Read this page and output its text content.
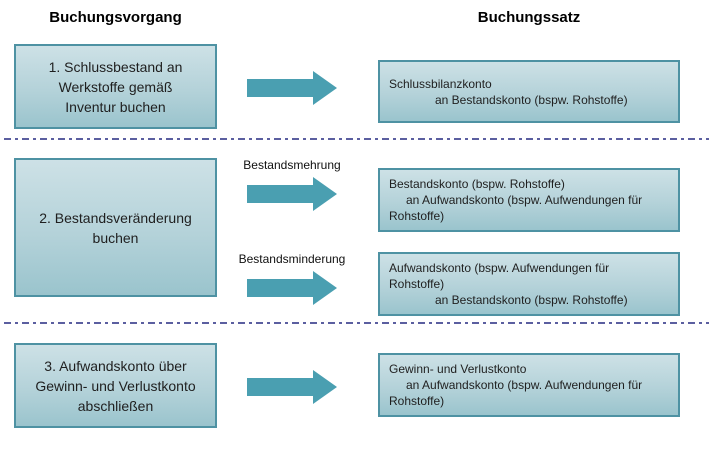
Buchungsvorgang	Buchungssatz
1. Schlussbestand an
Werkstoffe gemäß
Inventur buchen
Schlussbilanzkonto
an Bestandskonto (bspw. Rohstoffe)
2. Bestandsveränderung
buchen
Bestandsmehrung
Bestandskonto (bspw. Rohstoffe)
an Aufwandskonto (bspw. Aufwendungen für
Rohstoffe)
Bestandsminderung
Aufwandskonto (bspw. Aufwendungen für
Rohstoffe)
an Bestandskonto (bspw. Rohstoffe)
3. Aufwandskonto über
Gewinn- und Verlustkonto
abschließen
Gewinn- und Verlustkonto
an Aufwandskonto (bspw. Aufwendungen für
Rohstoffe)
